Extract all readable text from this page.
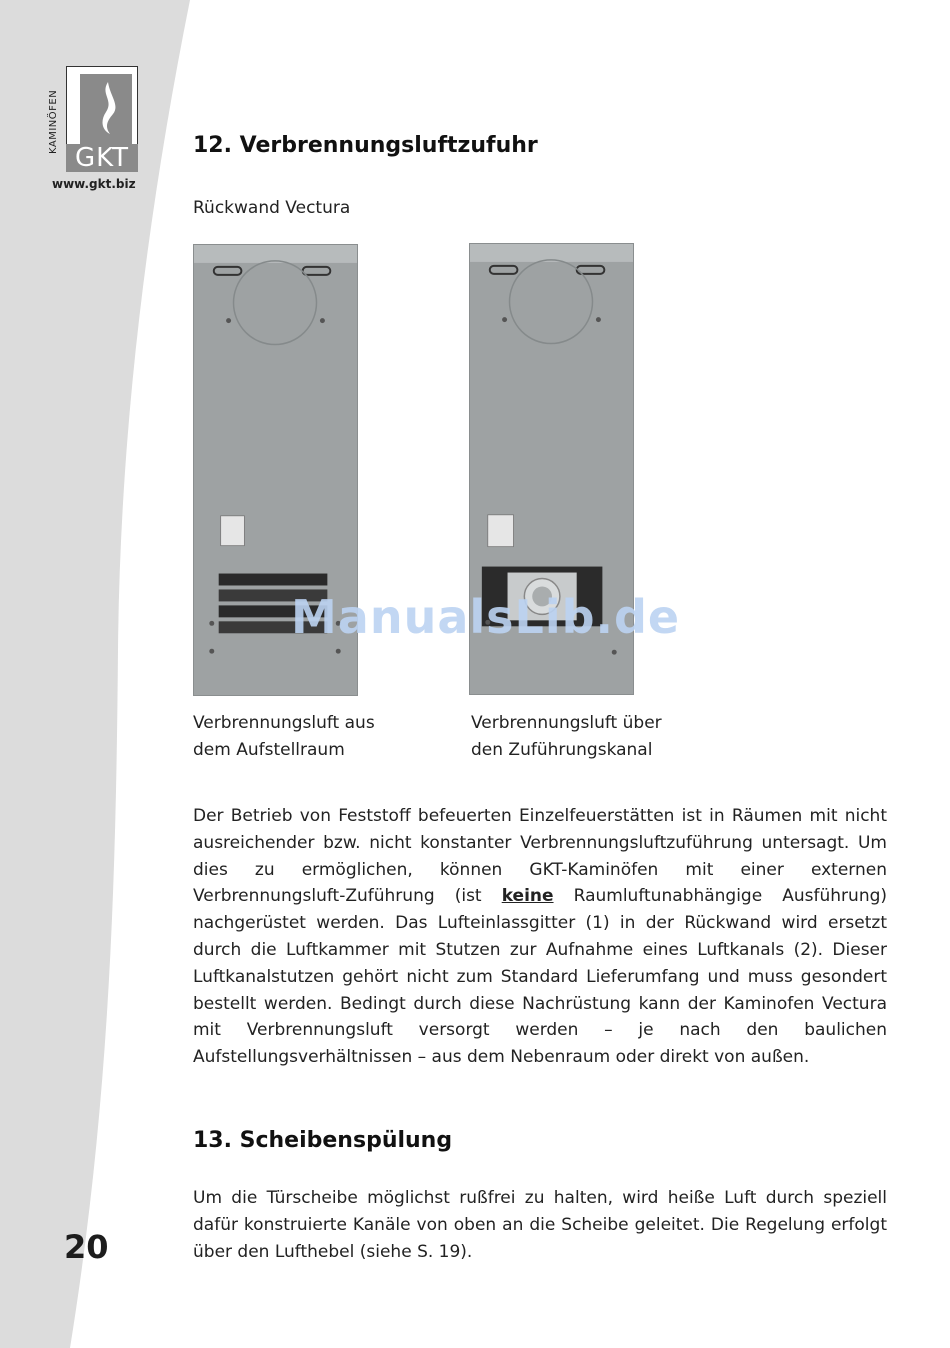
KAMINÖFEN
GKT
www.gkt.biz
12. Verbrennungsluftzufuhr
Rückwand Vectura
Verbrennungsluft aus
dem Aufstellraum
Verbrennungsluft über
den Zuführungskanal
ManualsLib.de

Der Betrieb von Feststoff befeuerten Einzelfeuerstätten ist in Räumen mit nicht ausreichender bzw. nicht konstanter Verbrennungsluftzuführung untersagt. Um dies zu ermöglichen, können GKT-Kaminöfen mit einer externen Verbrennungsluft-Zuführung (ist keine Raumluftunabhängige Ausführung) nachgerüstet werden. Das Lufteinlassgitter (1) in der Rückwand wird ersetzt durch die Luftkammer mit Stutzen zur Aufnahme eines Luftkanals (2). Dieser Luftkanalstutzen gehört nicht zum Standard Lieferumfang und muss gesondert bestellt werden. Bedingt durch diese Nachrüstung kann der Kaminofen Vectura mit Verbrennungsluft versorgt werden – je nach den baulichen Aufstellungsverhältnissen – aus dem Nebenraum oder direkt von außen.

13. Scheibenspülung

Um die Türscheibe möglichst rußfrei zu halten, wird heiße Luft durch speziell dafür konstruierte Kanäle von oben an die Scheibe geleitet. Die Regelung erfolgt über den Lufthebel (siehe S. 19).

20
